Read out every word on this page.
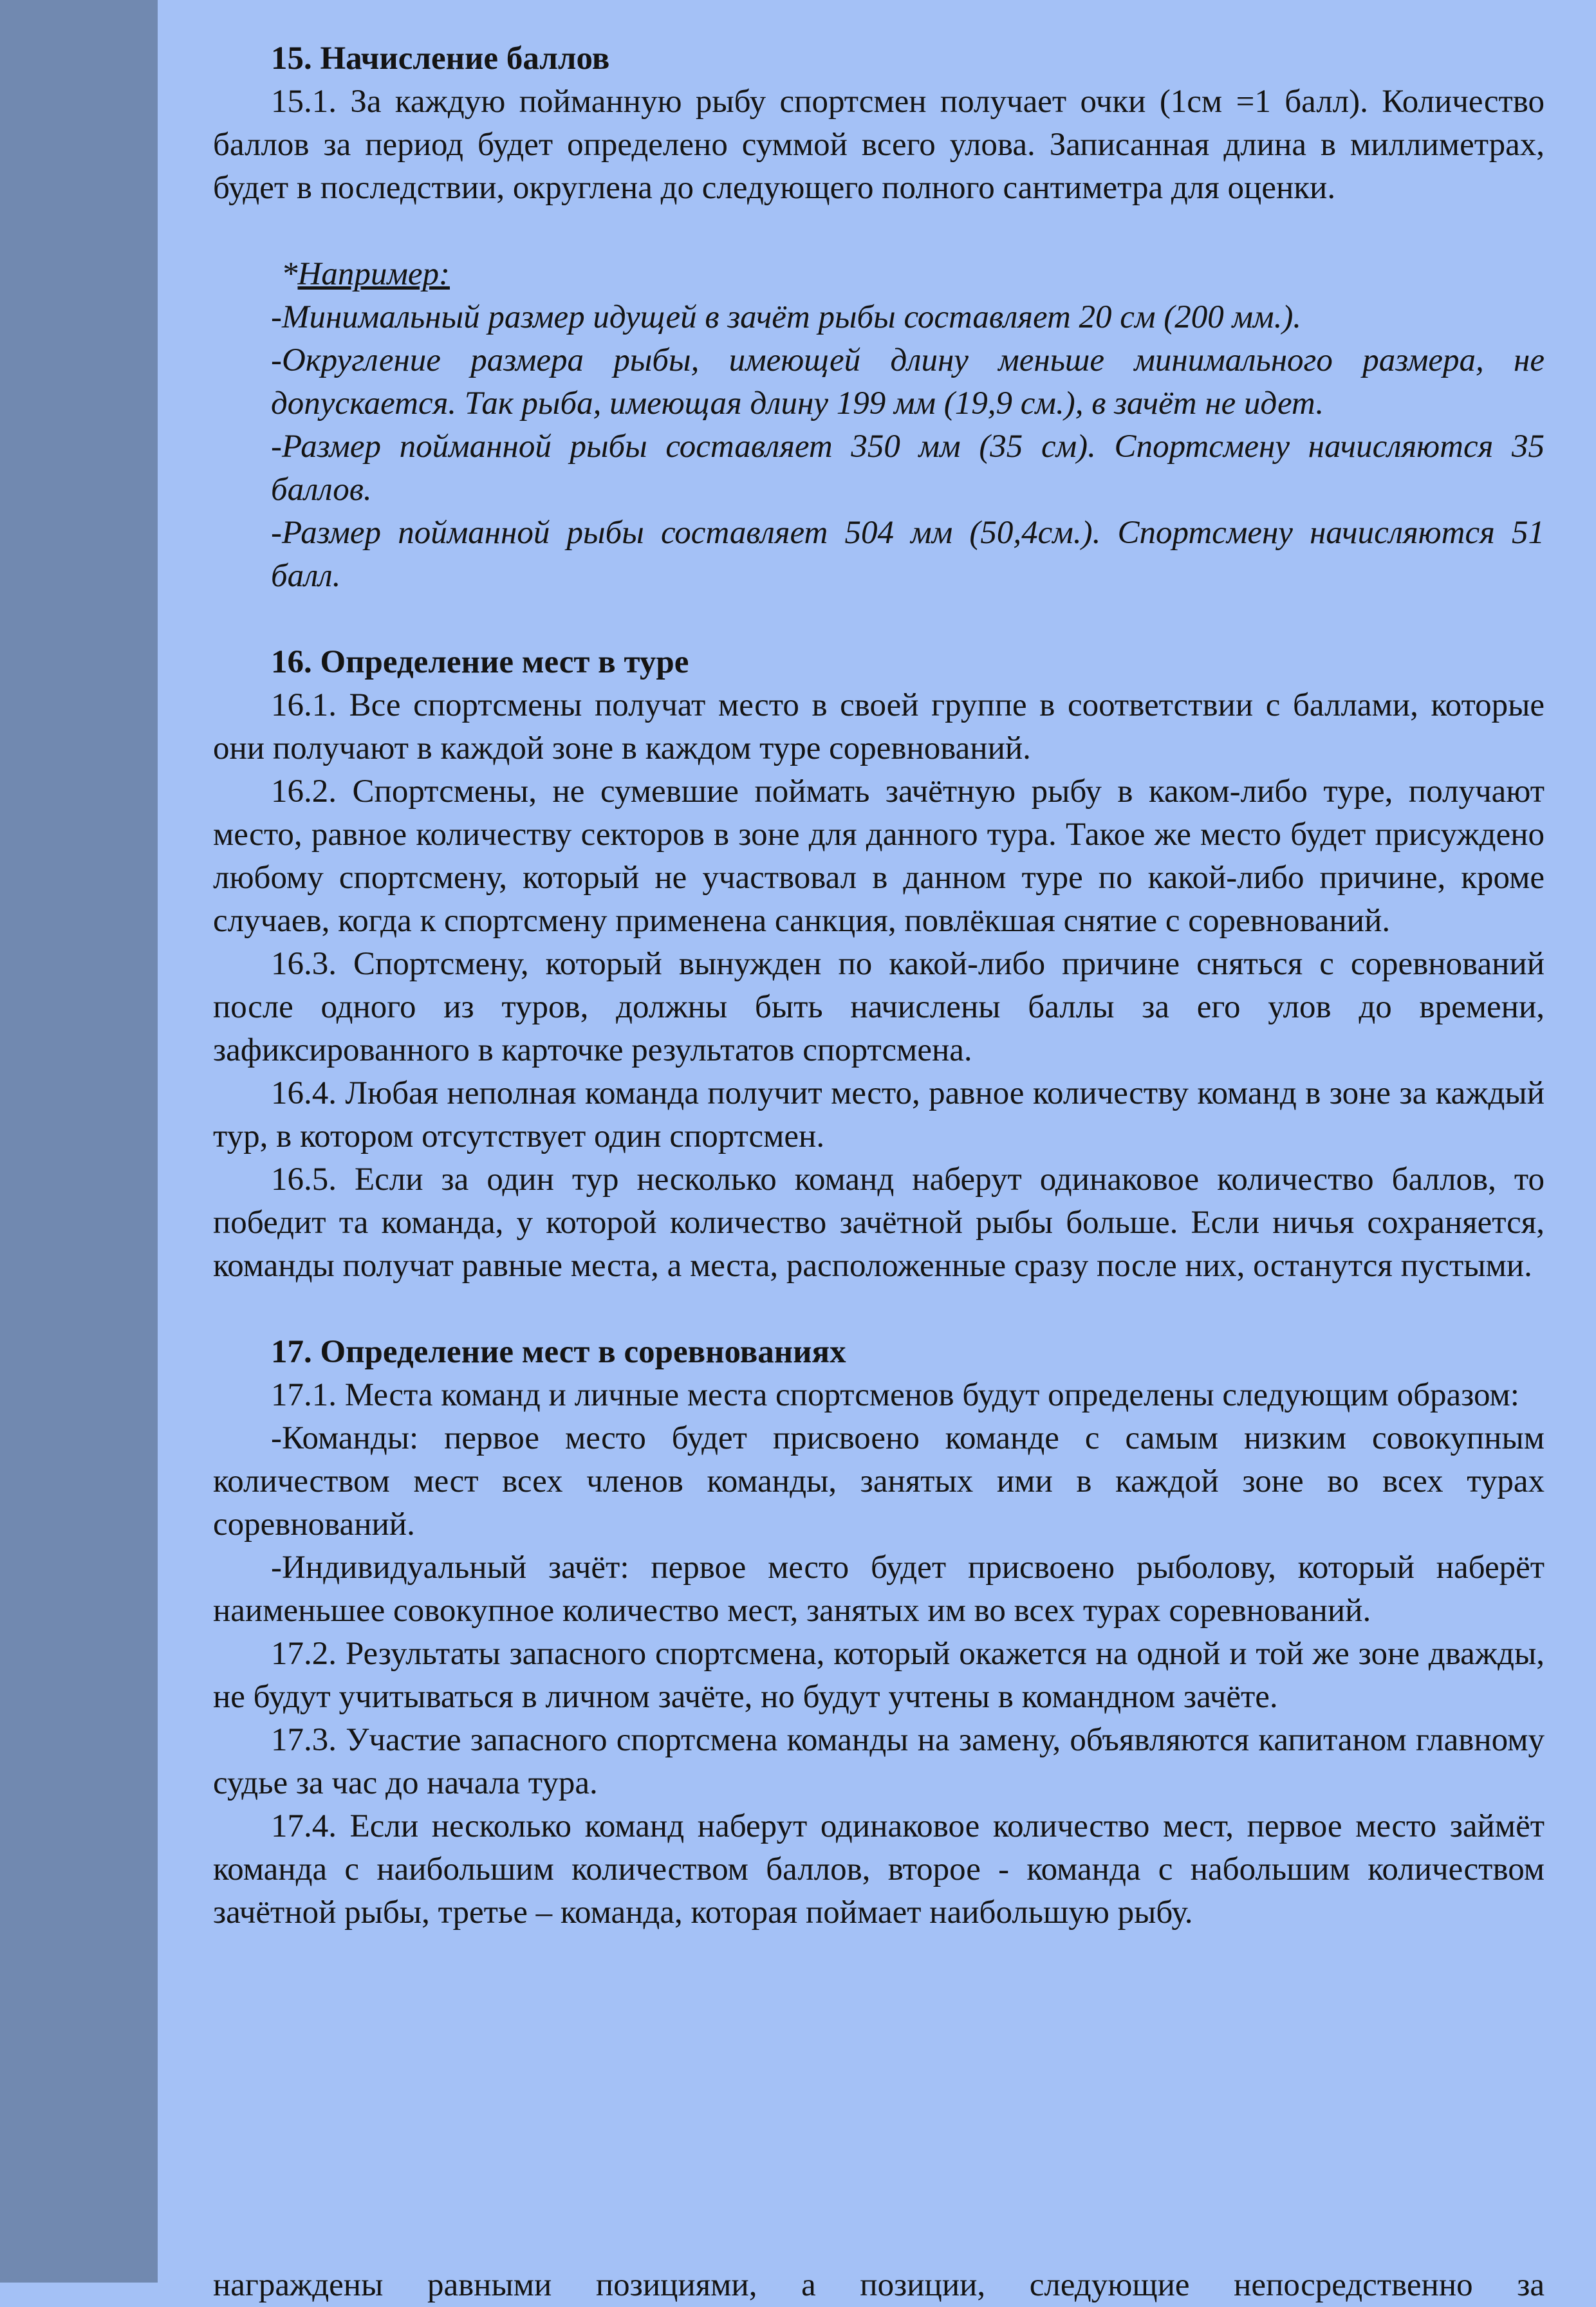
15. Начисление баллов

15.1. За каждую пойманную рыбу спортсмен получает очки (1см =1 балл). Количество баллов за период будет определено суммой всего улова. Записанная длина в миллиметрах, будет в последствии, округлена до следующего полного сантиметра для оценки.

*Например:

-Минимальный размер идущей в зачёт рыбы составляет 20 см (200 мм.).

-Округление размера рыбы, имеющей длину меньше минимального размера, не допускается. Так рыба, имеющая длину 199 мм (19,9 см.), в зачёт не идет.

-Размер пойманной рыбы составляет 350 мм (35 см). Спортсмену начисляются 35 баллов.

-Размер пойманной рыбы составляет 504 мм (50,4см.). Спортсмену начисляются 51 балл.

16. Определение мест в туре

16.1. Все спортсмены получат место в своей группе в соответствии с баллами, которые они получают в каждой зоне в каждом туре соревнований.

16.2. Спортсмены, не сумевшие поймать зачётную рыбу в каком-либо туре, получают место, равное количеству секторов в зоне для данного тура. Такое же место будет присуждено любому спортсмену, который не участвовал в данном туре по какой-либо причине, кроме случаев, когда к спортсмену применена санкция, повлёкшая снятие с соревнований.

16.3. Спортсмену, который вынужден по какой-либо причине сняться с соревнований после одного из туров, должны быть начислены баллы за его улов до времени, зафиксированного в карточке результатов спортсмена.

16.4. Любая неполная команда получит место, равное количеству команд в зоне за каждый тур, в котором отсутствует один спортсмен.

16.5. Если за один тур несколько команд наберут одинаковое количество баллов, то победит та команда, у которой количество зачётной рыбы больше. Если ничья сохраняется, команды получат равные места, а места, расположенные сразу после них, останутся пустыми.

17. Определение мест в соревнованиях

17.1. Места команд и личные места спортсменов будут определены следующим образом:

-Команды: первое место будет присвоено команде с самым низким совокупным количеством мест всех членов команды, занятых ими в каждой зоне во всех турах соревнований.

-Индивидуальный зачёт: первое место будет присвоено рыболову, который наберёт наименьшее совокупное количество мест, занятых им во всех турах соревнований.

17.2. Результаты запасного спортсмена, который окажется на одной и той же зоне дважды, не будут учитываться в личном зачёте, но будут учтены в командном зачёте.

17.3. Участие запасного спортсмена команды на замену, объявляются капитаном главному судье за час до начала тура.

17.4. Если несколько команд наберут одинаковое количество мест, первое место займёт команда с наибольшим количеством баллов, второе - команда с набольшим количеством зачётной рыбы, третье – команда, которая поймает наибольшую рыбу.

награждены равными позициями, а позиции, следующие непосредственно за
